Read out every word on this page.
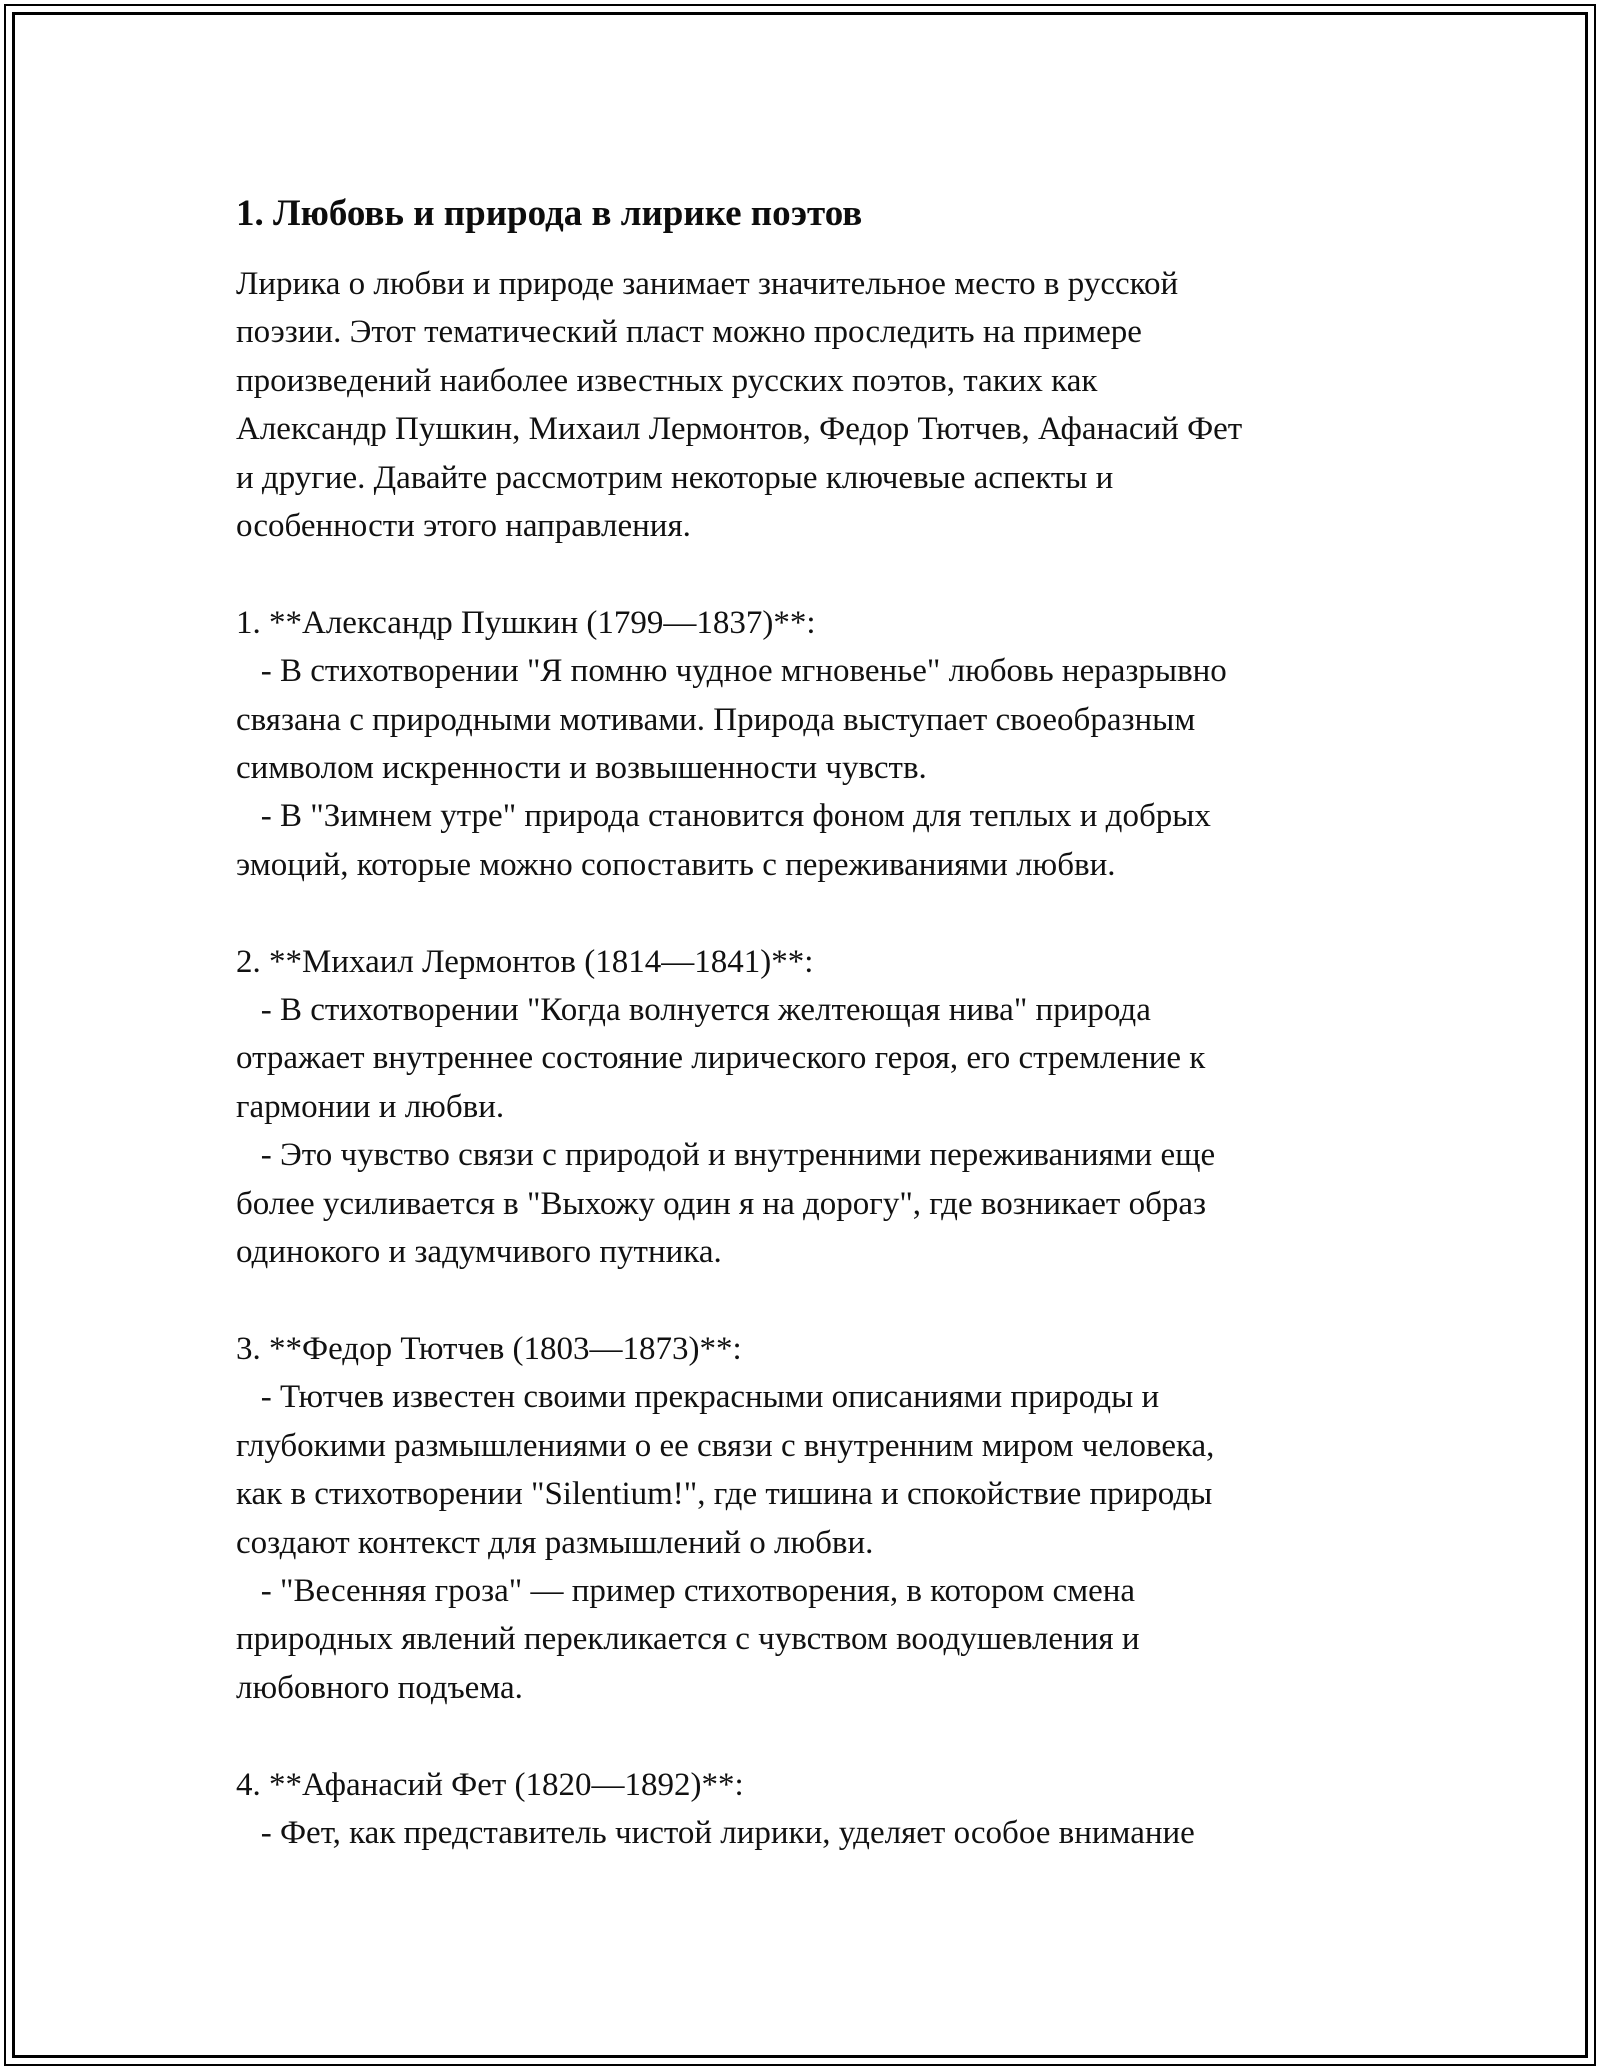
1. Любовь и природа в лирике поэтов

Лирика о любви и природе занимает значительное место в русской
поэзии. Этот тематический пласт можно проследить на примере
произведений наиболее известных русских поэтов, таких как
Александр Пушкин, Михаил Лермонтов, Федор Тютчев, Афанасий Фет
и другие. Давайте рассмотрим некоторые ключевые аспекты и
особенности этого направления.

1. **Александр Пушкин (1799—1837)**:

- В стихотворении "Я помню чудное мгновенье" любовь неразрывно
связана с природными мотивами. Природа выступает своеобразным
символом искренности и возвышенности чувств.

- В "Зимнем утре" природа становится фоном для теплых и добрых
эмоций, которые можно сопоставить с переживаниями любви.

2. **Михаил Лермонтов (1814—1841)**:

- В стихотворении "Когда волнуется желтеющая нива" природа
отражает внутреннее состояние лирического героя, его стремление к
гармонии и любви.

- Это чувство связи с природой и внутренними переживаниями еще
более усиливается в "Выхожу один я на дорогу", где возникает образ
одинокого и задумчивого путника.

3. **Федор Тютчев (1803—1873)**:

- Тютчев известен своими прекрасными описаниями природы и
глубокими размышлениями о ее связи с внутренним миром человека,
как в стихотворении "Silentium!", где тишина и спокойствие природы
создают контекст для размышлений о любви.

- "Весенняя гроза" — пример стихотворения, в котором смена
природных явлений перекликается с чувством воодушевления и
любовного подъема.

4. **Афанасий Фет (1820—1892)**:

- Фет, как представитель чистой лирики, уделяет особое внимание
